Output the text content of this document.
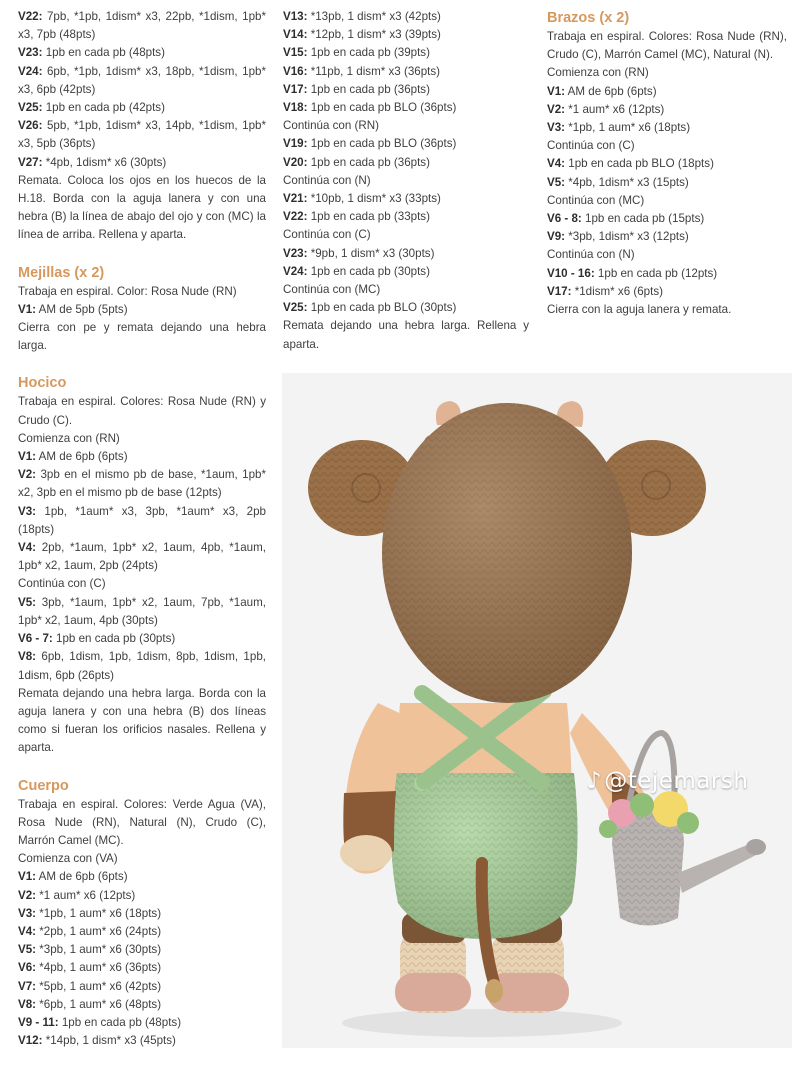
V22: 7pb, *1pb, 1dism* x3, 22pb, *1dism, 1pb* x3, 7pb (48pts)

V23: 1pb en cada pb (48pts)

V24: 6pb, *1pb, 1dism* x3, 18pb, *1dism, 1pb* x3, 6pb (42pts)

V25: 1pb en cada pb (42pts)

V26: 5pb, *1pb, 1dism* x3, 14pb, *1dism, 1pb* x3, 5pb (36pts)

V27: *4pb, 1dism* x6 (30pts)

Remata. Coloca los ojos en los huecos de la H.18. Borda con la aguja lanera y con una hebra (B) la línea de abajo del ojo y con (MC) la línea de arriba. Rellena y aparta.

Mejillas (x 2)

Trabaja en espiral. Color: Rosa Nude (RN)

V1: AM de 5pb (5pts)

Cierra con pe y remata dejando una hebra larga.

Hocico

Trabaja en espiral. Colores: Rosa Nude (RN) y Crudo (C).

Comienza con (RN)

V1: AM de 6pb (6pts)

V2: 3pb en el mismo pb de base, *1aum, 1pb* x2, 3pb en el mismo pb de base (12pts)

V3: 1pb, *1aum* x3, 3pb, *1aum* x3, 2pb (18pts)

V4: 2pb, *1aum, 1pb* x2, 1aum, 4pb, *1aum, 1pb* x2, 1aum, 2pb (24pts)

Continúa con (C)

V5: 3pb, *1aum, 1pb* x2, 1aum, 7pb, *1aum, 1pb* x2, 1aum, 4pb (30pts)

V6 - 7: 1pb en cada pb (30pts)

V8: 6pb, 1dism, 1pb, 1dism, 8pb, 1dism, 1pb, 1dism, 6pb (26pts)

Remata dejando una hebra larga. Borda con la aguja lanera y con una hebra (B) dos líneas como si fueran los orificios nasales. Rellena y aparta.

Cuerpo

Trabaja en espiral. Colores: Verde Agua (VA), Rosa Nude (RN), Natural (N), Crudo (C), Marrón Camel (MC).

Comienza con (VA)

V1: AM de 6pb (6pts)

V2: *1 aum* x6 (12pts)

V3: *1pb, 1 aum* x6 (18pts)

V4: *2pb, 1 aum* x6 (24pts)

V5: *3pb, 1 aum* x6 (30pts)

V6: *4pb, 1 aum* x6 (36pts)

V7: *5pb, 1 aum* x6 (42pts)

V8: *6pb, 1 aum* x6 (48pts)

V9 - 11: 1pb en cada pb (48pts)

V12: *14pb, 1 dism* x3 (45pts)

V13: *13pb, 1 dism* x3 (42pts)

V14: *12pb, 1 dism* x3 (39pts)

V15: 1pb en cada pb (39pts)

V16: *11pb, 1 dism* x3 (36pts)

V17: 1pb en cada pb (36pts)

V18: 1pb en cada pb BLO (36pts)

Continúa con (RN)

V19: 1pb en cada pb BLO (36pts)

V20: 1pb en cada pb (36pts)

Continúa con (N)

V21: *10pb, 1 dism* x3 (33pts)

V22: 1pb en cada pb (33pts)

Continúa con (C)

V23: *9pb, 1 dism* x3 (30pts)

V24: 1pb en cada pb (30pts)

Continúa con (MC)

V25: 1pb en cada pb BLO (30pts)

Remata dejando una hebra larga. Rellena y aparta.

Brazos (x 2)

Trabaja en espiral. Colores: Rosa Nude (RN), Crudo (C), Marrón Camel (MC), Natural (N).

Comienza con (RN)

V1: AM de 6pb (6pts)

V2: *1 aum* x6 (12pts)

V3: *1pb, 1 aum* x6 (18pts)

Continúa con (C)

V4: 1pb en cada pb BLO (18pts)

V5: *4pb, 1dism* x3 (15pts)

Continúa con (MC)

V6 - 8: 1pb en cada pb (15pts)

V9: *3pb, 1dism* x3 (12pts)

Continúa con (N)

V10 - 16: 1pb en cada pb (12pts)

V17: *1dism* x6 (6pts)

Cierra con la aguja lanera y remata.

♪@tejemarsh
